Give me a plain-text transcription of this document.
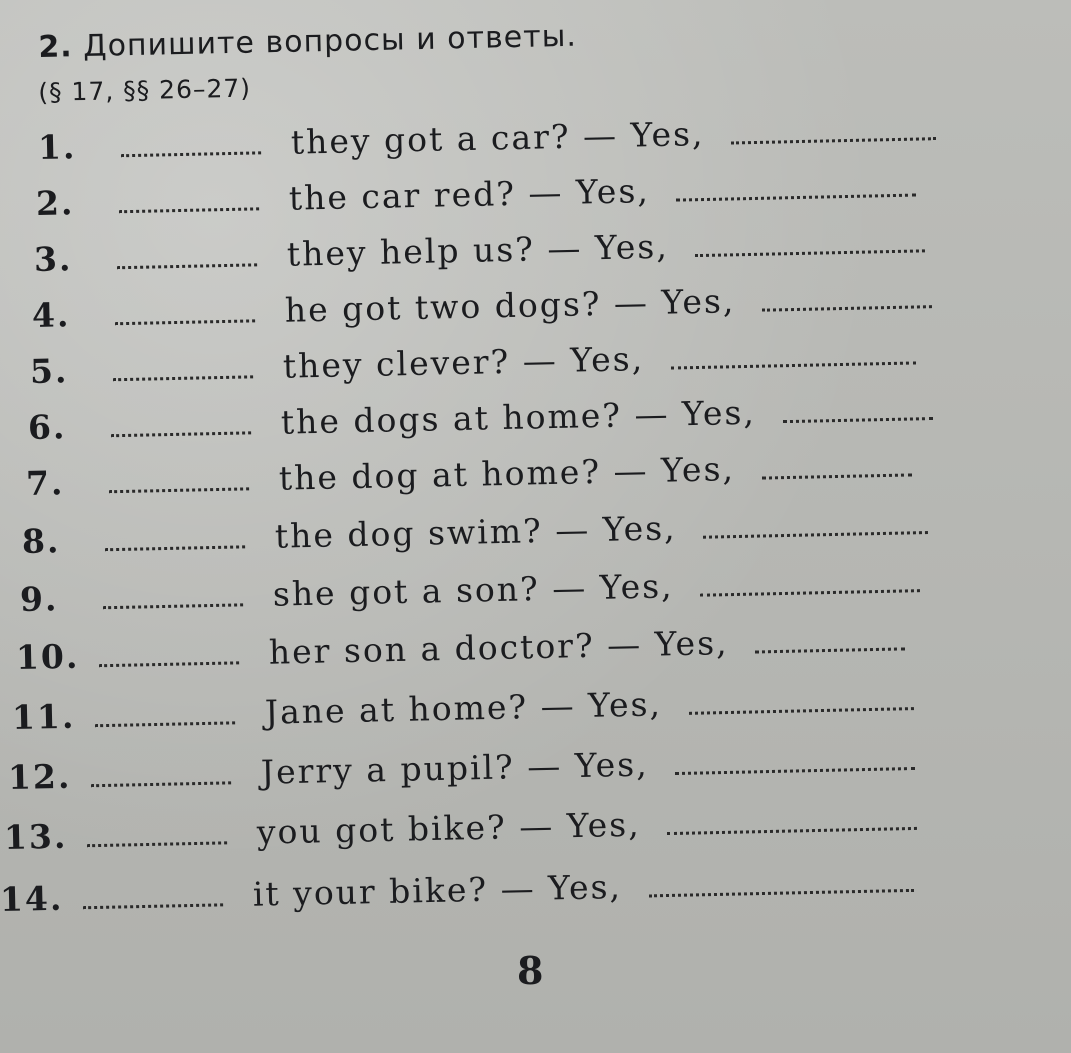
2. Допишите вопросы и ответы.
(§ 17, §§ 26–27)
1.	they got a car? — Yes,
2.	the car red? — Yes,
3.	they help us? — Yes,
4.	he got two dogs? — Yes,
5.	they clever? — Yes,
6.	the dogs at home? — Yes,
7.	the dog at home? — Yes,
8.	the dog swim? — Yes,
9.	she got a son? — Yes,
10.	her son a doctor? — Yes,
11.	Jane at home? — Yes,
12.	Jerry a pupil? — Yes,
13.	you got bike? — Yes,
14.	it your bike? — Yes,
8
